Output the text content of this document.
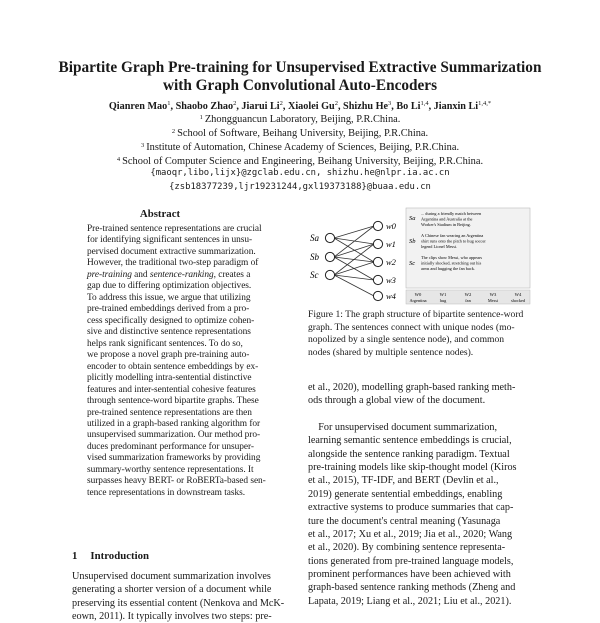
Bipartite Graph Pre-training for Unsupervised Extractive Summarization
with Graph Convolutional Auto-Encoders
Qianren Mao$^1$, Shaobo Zhao$^2$, Jiarui Li$^2$, Xiaolei Gu$^2$, Shizhu He$^3$, Bo Li$^{1,4}$, Jianxin $Li^{1,4,*}$
$^1$ Zhongguancun Laboratory, Beijing, P.R.China.
$^2$ School of Software, Beihang University, Beijing, P.R.China.
$^3$ Institute of Automation, Chinese Academy of Sciences, Beijing, P.R.China.
$^4$ School of Computer Science and Engineering, Beihang University, Beijing, P.R.China.
{maoqr,libo,lijx}@zgclab.edu.cn, shizhu.he@nlpr.ia.ac.cn
{zsb18377239,ljr19231244,gxl19373188}@buaa.edu.cn
Abstract
Pre-trained sentence representations are crucial
for identifying significant sentences in unsu-
pervised document extractive summarization.
However, the traditional two-step paradigm of
pre-training and sentence-ranking, creates a
gap due to differing optimization objectives.
To address this issue, we argue that utilizing
pre-trained embeddings derived from a pro-
cess specifically designed to optimize cohen-
sive and distinctive sentence representations
helps rank significant sentences. To do so,
we propose a novel graph pre-training auto-
encoder to obtain sentence embeddings by ex-
plicitly modelling intra-sentential distinctive
features and inter-sentential cohesive features
through sentence-word bipartite graphs. These
pre-trained sentence representations are then
utilized in a graph-based ranking algorithm for
unsupervised summarization. Our method pro-
duces predominant performance for unsuper-
vised summarization frameworks by providing
summary-worthy sentence representations. It
surpasses heavy BERT- or RoBERTa-based sen-
tence representations in downstream tasks.
1 Introduction
Unsupervised document summarization involves
generating a shorter version of a document while
preserving its essential content (Nenkova and McK-
eown, 2011). It typically involves two steps: pre-
Sa
Sb
Sc
w0
w1
w2
w3
w4
Sa
... during a friendly match between
Argentina and Australia at the
Worker's Stadium in Beijing.
Sb
A Chinese fan wearing an Argentina
shirt runs onto the pitch to hug soccer
legend Lionel Messi.
Sc
The clips show Messi, who appears
initially shocked, stretching out his
arms and hugging the fan back.
W0	W1	W2	W3	W4
Argentina	hug	fan	Messi	shocked
Figure 1: The graph structure of bipartite sentence-word
graph. The sentences connect with unique nodes (mo-
nopolized by a single sentence node), and common
nodes (shared by multiple sentence nodes).
et al., 2020), modelling graph-based ranking meth-
ods through a global view of the document.
For unsupervised document summarization,
learning semantic sentence embeddings is crucial,
alongside the sentence ranking paradigm. Textual
pre-training models like skip-thought model (Kiros
et al., 2015), TF-IDF, and BERT (Devlin et al.,
2019) generate sentential embeddings, enabling
extractive systems to produce summaries that cap-
ture the document's central meaning (Yasunaga
et al., 2017; Xu et al., 2019; Jia et al., 2020; Wang
et al., 2020). By combining sentence representa-
tions generated from pre-trained language models,
prominent performances have been achieved with
graph-based sentence ranking methods (Zheng and
Lapata, 2019; Liang et al., 2021; Liu et al., 2021).
